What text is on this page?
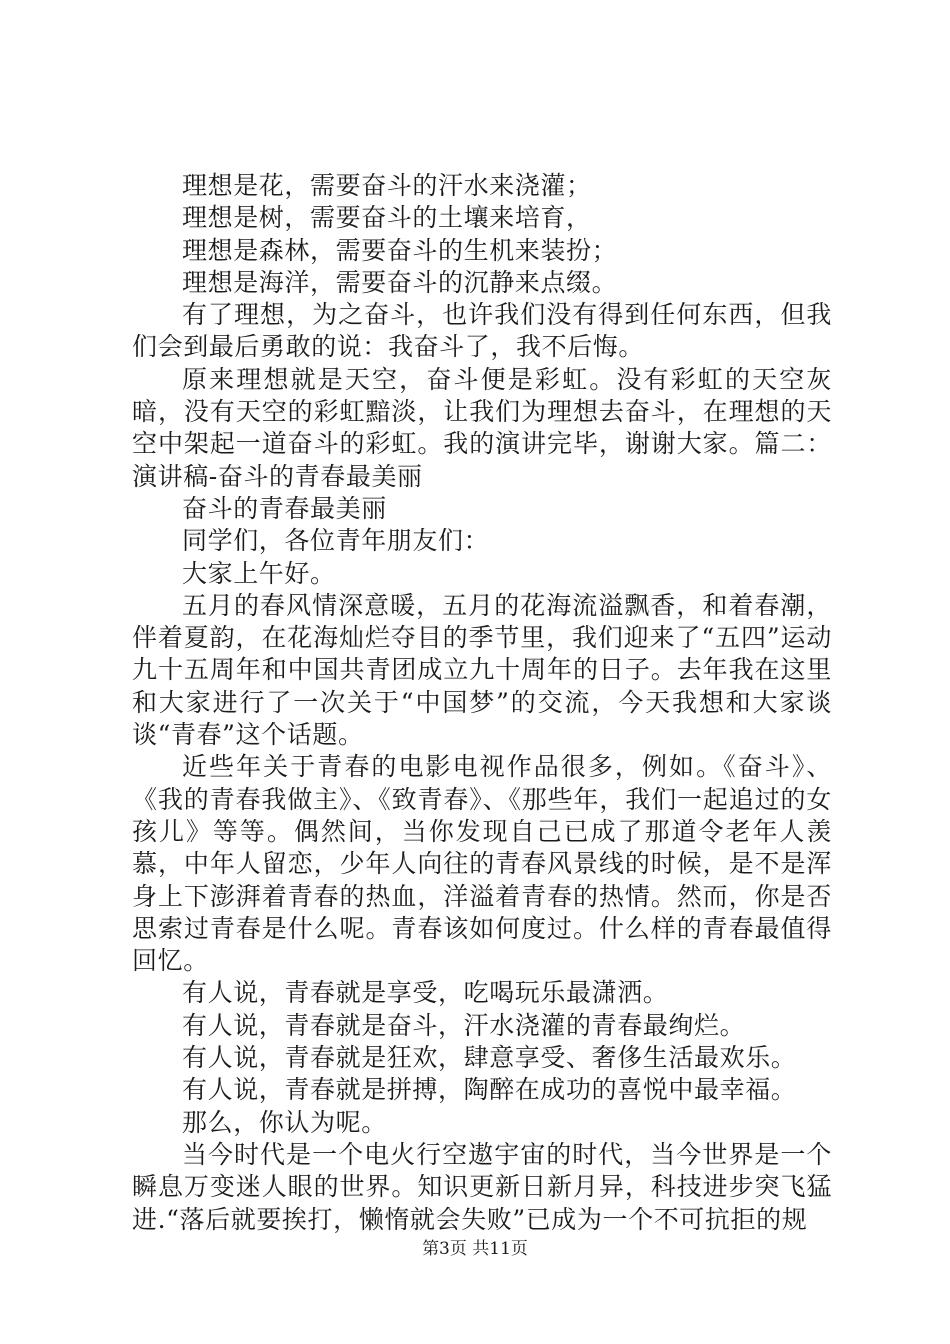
理想是花，需要奋斗的汗水来浇灌；

理想是树，需要奋斗的土壤来培育，

理想是森林，需要奋斗的生机来装扮；

理想是海洋，需要奋斗的沉静来点缀。

有了理想，为之奋斗，也许我们没有得到任何东西，但我们会到最后勇敢的说：我奋斗了，我不后悔。

原来理想就是天空，奋斗便是彩虹。没有彩虹的天空灰暗，没有天空的彩虹黯淡，让我们为理想去奋斗，在理想的天空中架起一道奋斗的彩虹。我的演讲完毕，谢谢大家。篇二：演讲稿-奋斗的青春最美丽

奋斗的青春最美丽

同学们，各位青年朋友们：

大家上午好。

五月的春风情深意暖，五月的花海流溢飘香，和着春潮，伴着夏韵，在花海灿烂夺目的季节里，我们迎来了“五四”运动九十五周年和中国共青团成立九十周年的日子。去年我在这里和大家进行了一次关于“中国梦”的交流，今天我想和大家谈谈“青春”这个话题。

近些年关于青春的电影电视作品很多，例如。《奋斗》、《我的青春我做主》、《致青春》、《那些年，我们一起追过的女孩儿》等等。偶然间，当你发现自己已成了那道令老年人羡慕，中年人留恋，少年人向往的青春风景线的时候，是不是浑身上下澎湃着青春的热血，洋溢着青春的热情。然而，你是否思索过青春是什么呢。青春该如何度过。什么样的青春最值得回忆。

有人说，青春就是享受，吃喝玩乐最潇洒。

有人说，青春就是奋斗，汗水浇灌的青春最绚烂。

有人说，青春就是狂欢，肆意享受、奢侈生活最欢乐。

有人说，青春就是拼搏，陶醉在成功的喜悦中最幸福。

那么，你认为呢。

当今时代是一个电火行空遨宇宙的时代，当今世界是一个瞬息万变迷人眼的世界。知识更新日新月异，科技进步突飞猛进.“落后就要挨打，懒惰就会失败”已成为一个不可抗拒的规

第3页 共11页
